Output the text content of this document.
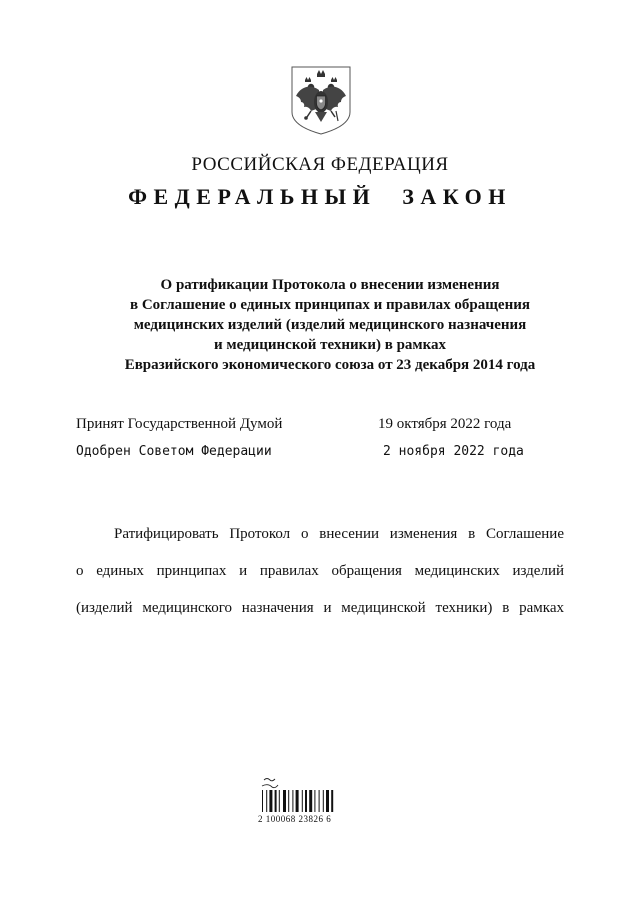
РОССИЙСКАЯ ФЕДЕРАЦИЯ
ФЕДЕРАЛЬНЫЙ ЗАКОН
О ратификации Протокола о внесении изменения
в Соглашение о единых принципах и правилах обращения
медицинских изделий (изделий медицинского назначения
и медицинской техники) в рамках
Евразийского экономического союза от 23 декабря 2014 года
Принят Государственной Думой	19 октября 2022 года
Одобрен Советом Федерации	2 ноября 2022 года
Ратифицировать Протокол о внесении изменения в Соглашение
о единых принципах и правилах обращения медицинских изделий
(изделий медицинского назначения и медицинской техники) в рамках
2 100068 23826 6
